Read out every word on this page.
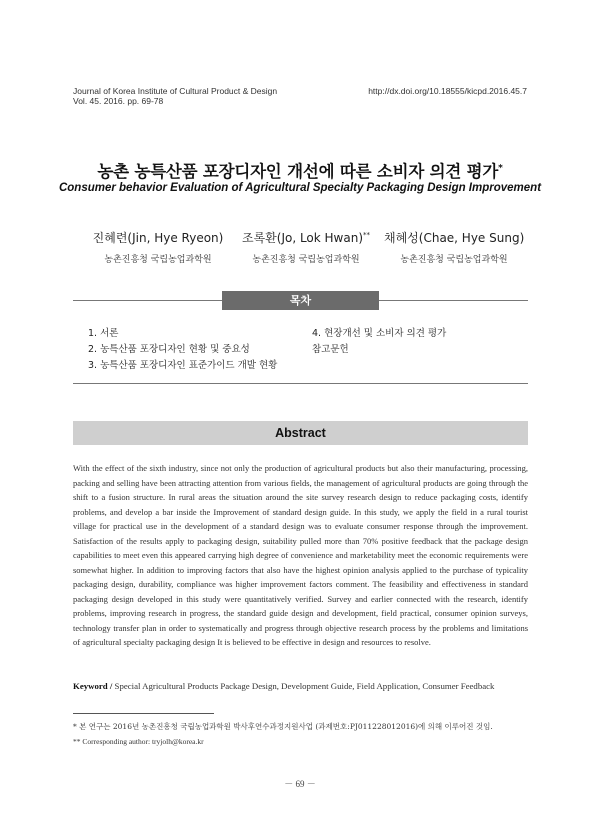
Journal of Korea Institute of Cultural Product & Design
Vol. 45. 2016. pp. 69-78
http://dx.doi.org/10.18555/kicpd.2016.45.7
농촌 농특산품 포장디자인 개선에 따른 소비자 의견 평가*
Consumer behavior Evaluation of Agricultural Specialty Packaging Design Improvement
진혜련(Jin, Hye Ryeon)
농촌진흥청 국립농업과학원
조록환(Jo, Lok Hwan)**
농촌진흥청 국립농업과학원
채혜성(Chae, Hye Sung)
농촌진흥청 국립농업과학원
목차
1. 서론
2. 농특산품 포장디자인 현황 및 중요성
3. 농특산품 포장디자인 표준가이드 개발 현황
4. 현장개선 및 소비자 의견 평가
참고문헌
Abstract
With the effect of the sixth industry, since not only the production of agricultural products but also their manufacturing, processing, packing and selling have been attracting attention from various fields, the management of agricultural products are going through the shift to a fusion structure. In rural areas the situation around the site survey research design to reduce packaging costs, identify problems, and develop a bar inside the Improvement of standard design guide. In this study, we apply the field in a rural tourist village for practical use in the development of a standard design was to evaluate consumer response through the improvement. Satisfaction of the results apply to packaging design, suitability pulled more than 70% positive feedback that the package design capabilities to meet even this appeared carrying high degree of convenience and marketability meet the economic requirements were somewhat higher. In addition to improving factors that also have the highest opinion analysis applied to the purchase of typicality packaging design, durability, compliance was higher improvement factors comment. The feasibility and effectiveness in standard packaging design developed in this study were quantitatively verified. Survey and earlier connected with the research, identify problems, improving research in progress, the standard guide design and development, field practical, consumer opinion surveys, technology transfer plan in order to systematically and progress through objective research process by the problems and limitations of agricultural specialty packaging design It is believed to be effective in design and resources to resolve.
Keyword / Special Agricultural Products Package Design, Development Guide, Field Application, Consumer Feedback
* 본 연구는 2016년 농촌진흥청 국립농업과학원 박사후연수과정지원사업 (과제번호:PJ011228012016)에 의해 이루어진 것임.
** Corresponding author: tryjolh@korea.kr
－ 69 －
